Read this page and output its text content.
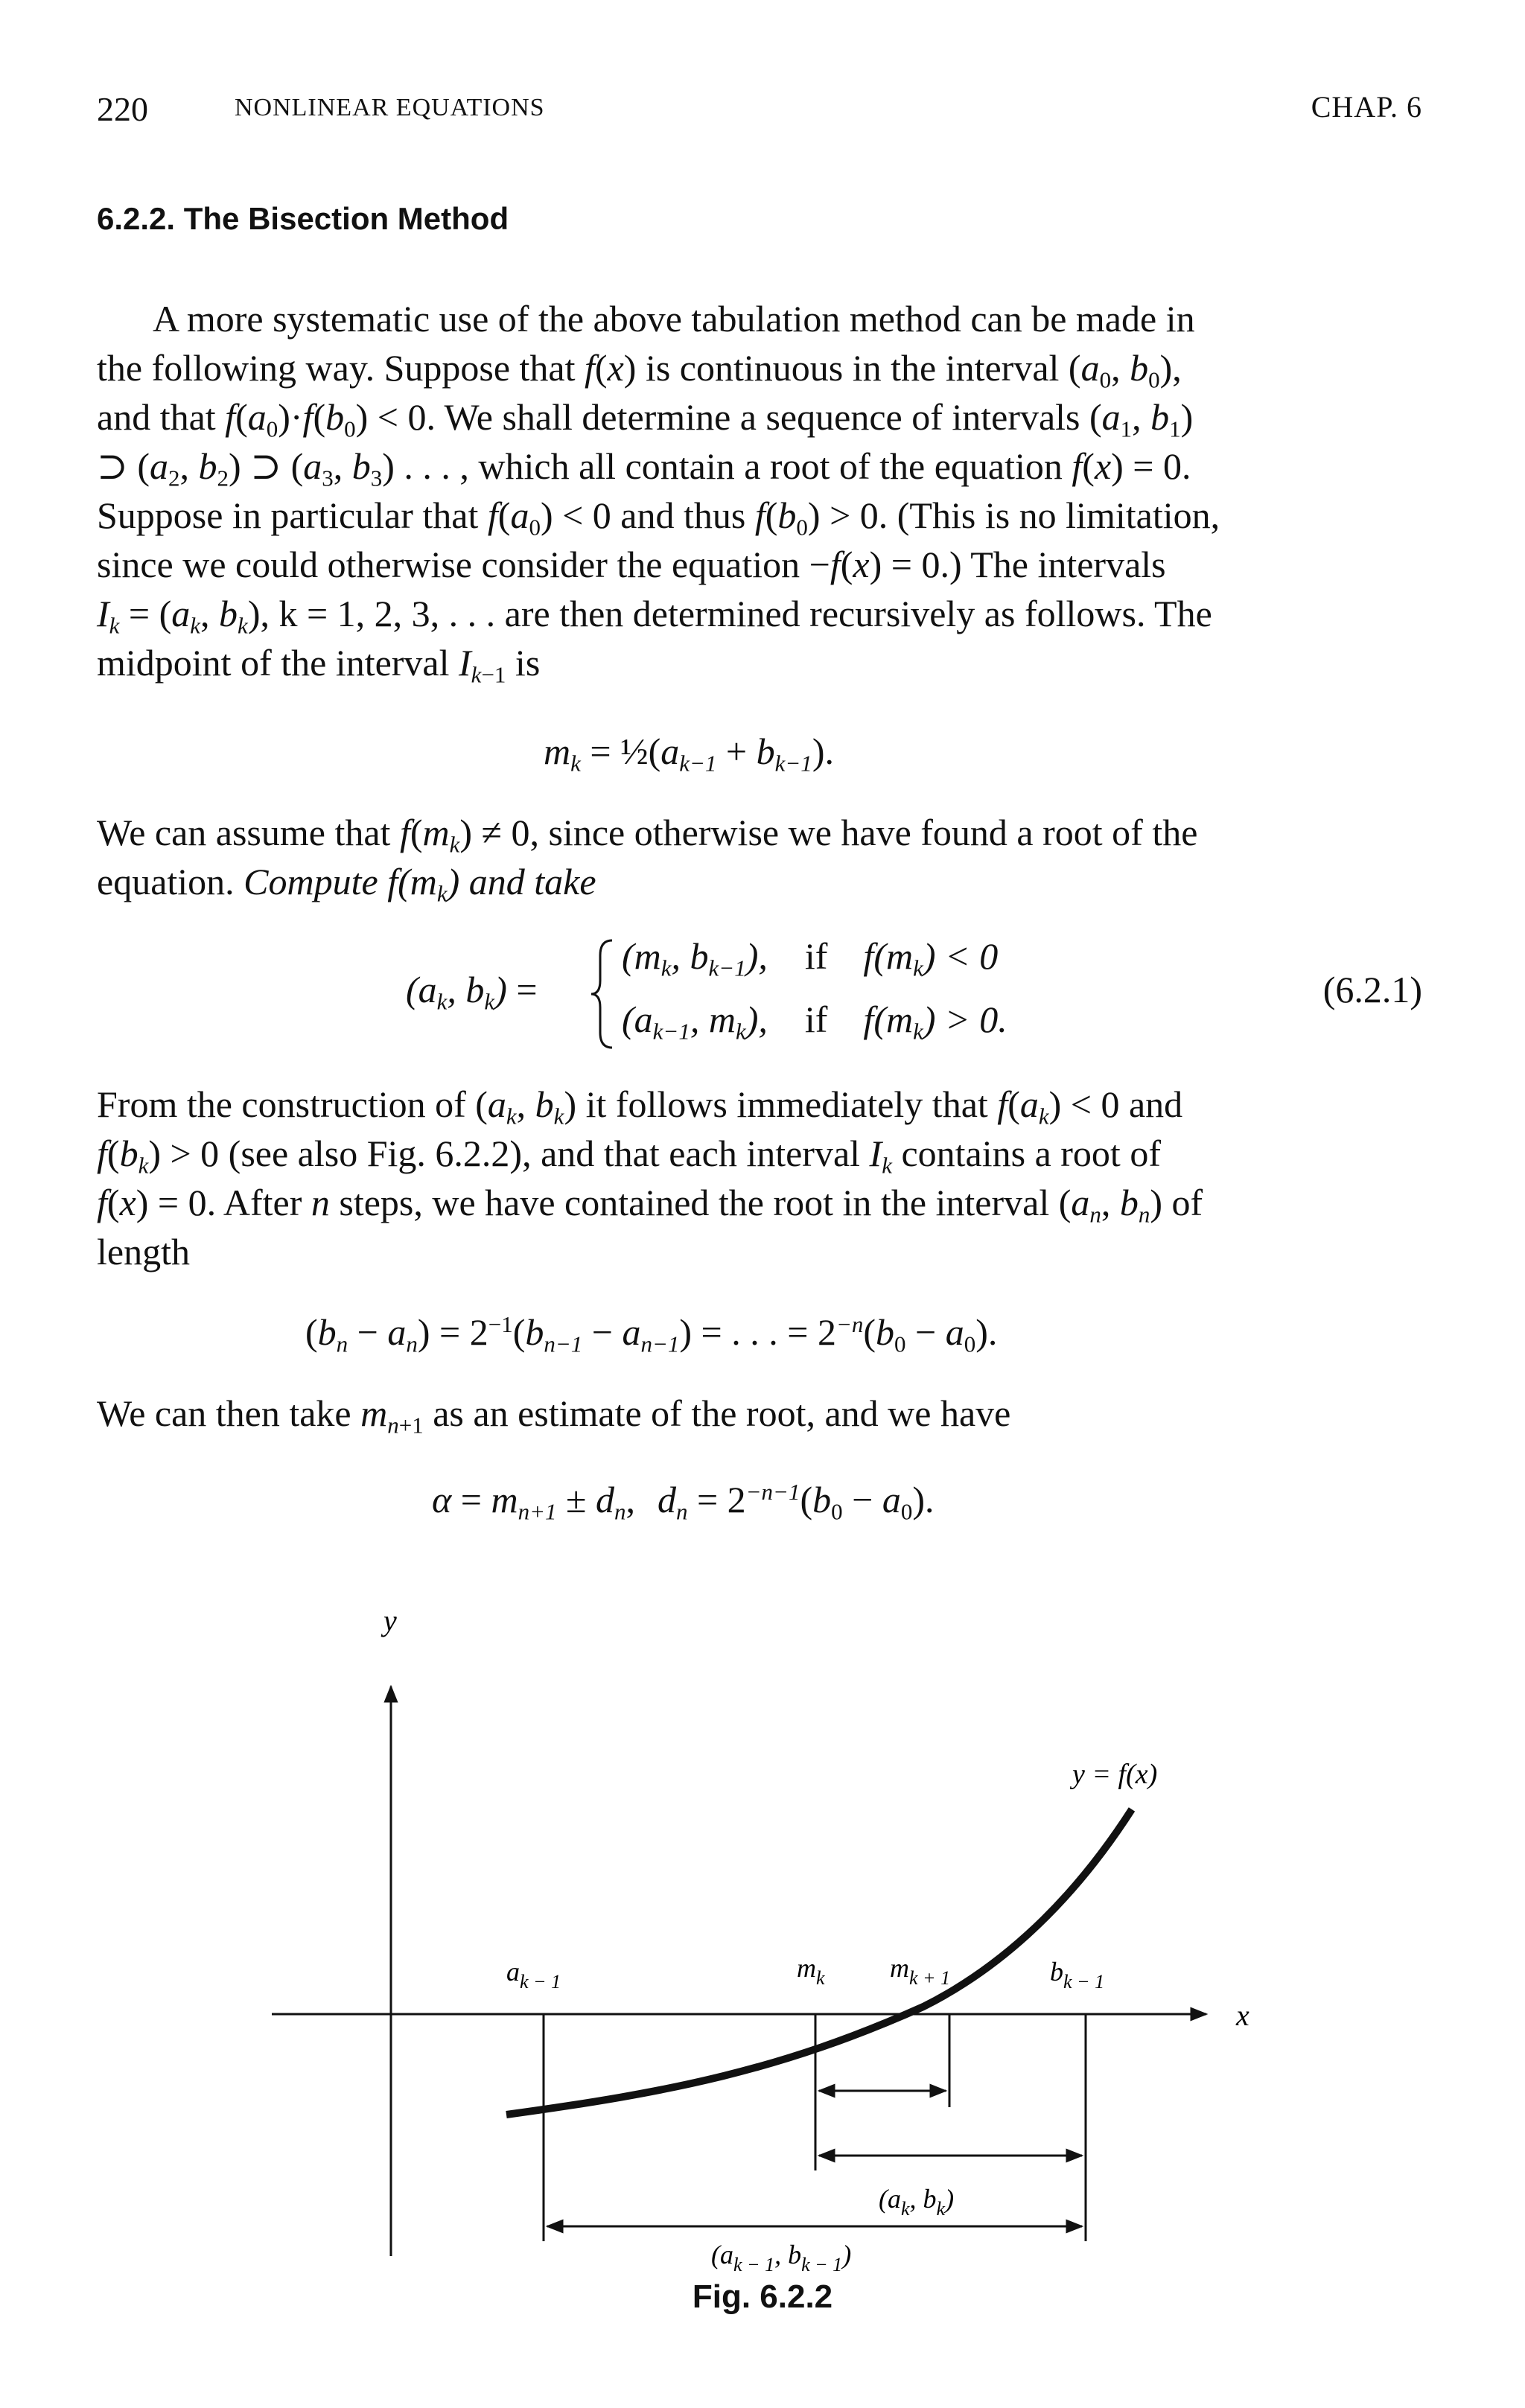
220	NONLINEAR EQUATIONS	CHAP. 6
6.2.2. The Bisection Method

A more systematic use of the above tabulation method can be made in

the following way. Suppose that f(x) is continuous in the interval ($a_0$, $b_0$),

and that $f(a_0)\cdot f(b_0) < 0$. We shall determine a sequence of intervals ($a_1$, $b_1$)

⊃ ($a_2$, $b_2$) ⊃ ($a_3$, $b_3$) . . . , which all contain a root of the equation f(x) = 0.

Suppose in particular that $f(a_0) < 0$ and thus $f(b_0) > 0$. (This is no limitation,

since we could otherwise consider the equation −f(x) = 0.) The intervals

$I_k = (a_k$, $b_k$), k = 1, 2, 3, . . . are then determined recursively as follows. The

midpoint of the interval $I_{k-1}$ is

$m_k$ = $\frac{1}{2}(a_{k-1} + b_{k-1})$.

We can assume that $f(m_k) \ne 0$, since otherwise we have found a root of the

equation. Compute $f(m_k)$ and take

($a_k$, $b_k$) =
($m_k$, $b_{k-1}$), if $f(m_k) < 0$
($a_{k-1}$, $m_k$), if $f(m_k) > 0$.
(6.2.1)

From the construction of ($a_k$, $b_k$) it follows immediately that $f(a_k) < 0$ and

$f(b_k) > 0$ (see also Fig. 6.2.2), and that each interval $I_k$ contains a root of

f(x) = 0. After n steps, we have contained the root in the interval ($a_n$, $b_n$) of

length

$(b_n - a_n) = 2^{-1}(b_{n-1} - a_{n-1})$ = . . . = $2^{-n}(b_0 - a_0)$.

We can then take $m_{n+1}$ as an estimate of the root, and we have

$\alpha = m_{n+1} \pm d_n$, $d_n = 2^{-n-1}(b_0 - a_0)$.
y
x
y = f(x)
$a_{k - 1}$	$m_k$ $m_{k + 1}$	$b_{k - 1}$
($a_k$, $b_k$)
($a_{k - 1}$, $b_{k - 1}$)
Fig. 6.2.2
